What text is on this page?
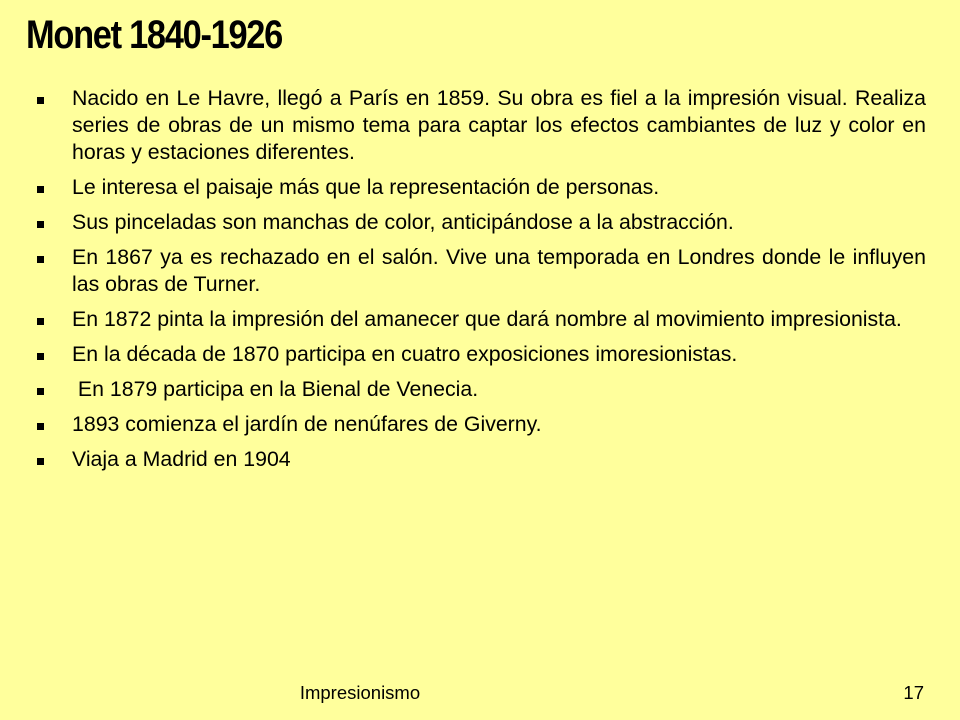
Monet 1840-1926
Nacido en Le Havre, llegó a París en 1859. Su obra es fiel a la impresión visual. Realiza series de obras de un mismo tema para captar los efectos cambiantes de luz y color en horas y estaciones diferentes.
Le interesa el paisaje más que la representación de personas.
Sus pinceladas son manchas de color, anticipándose a la abstracción.
En 1867 ya es rechazado en el salón. Vive una temporada en Londres donde le influyen las obras de Turner.
En 1872 pinta la impresión del amanecer que dará nombre al movimiento impresionista.
En la década de 1870 participa en cuatro exposiciones imoresionistas.
En 1879 participa en la Bienal de Venecia.
1893 comienza el jardín de nenúfares de Giverny.
Viaja a Madrid en 1904
Impresionismo	17
